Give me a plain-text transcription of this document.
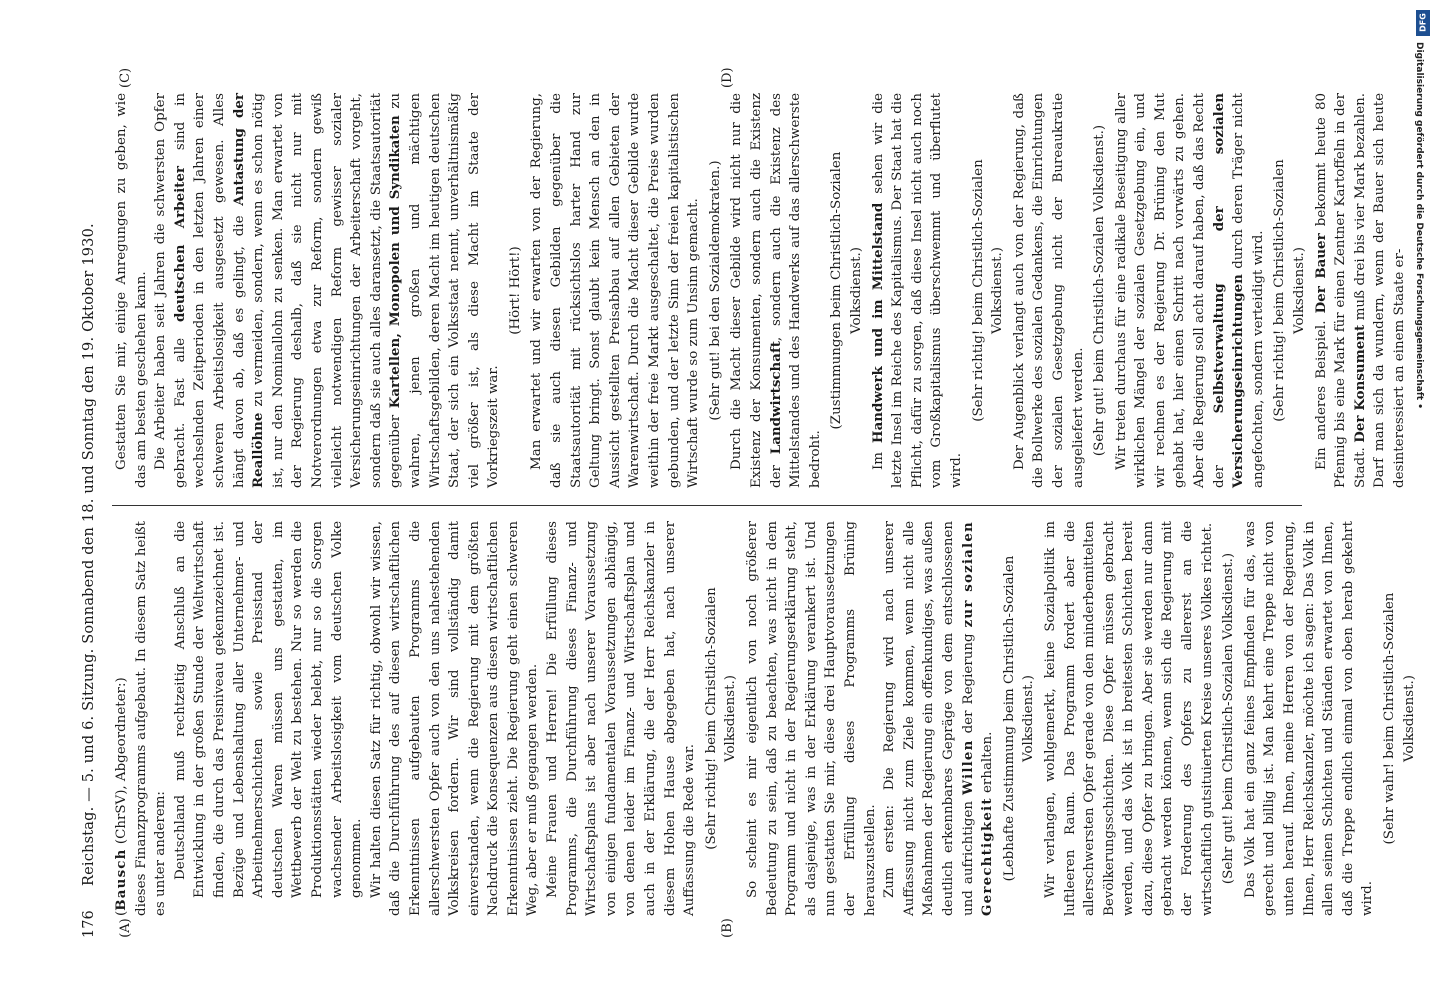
176
Reichstag. — 5. und 6. Sitzung. Sonnabend den 18. und Sonntag den 19. Oktober 1930.
(A)	(B)
(C)	(D)

(Bausch (ChrSV), Abgeordneter:) dieses Finanzprogramms aufgebaut. In diesem Satz heißt es unter anderem: Deutschland muß rechtzeitig Anschluß an die Entwicklung in der großen Stunde der Weltwirtschaft finden, die durch das Preisniveau gekennzeichnet ist. Bezüge und Lebenshaltung aller Unternehmer- und Arbeitnehmerschichten sowie Preisstand der deutschen Waren müssen uns gestatten, im Wettbewerb der Welt zu bestehen. Nur so werden die Produktionsstätten wieder belebt, nur so die Sorgen wachsender Arbeitslosigkeit vom deutschen Volke genommen. Wir halten diesen Satz für richtig, obwohl wir wissen, daß die Durchführung des auf diesen wirtschaftlichen Erkenntnissen aufgebauten Programms die allerschwersten Opfer auch von den uns nahestehenden Volkskreisen fordern. Wir sind vollständig damit einverstanden, wenn die Regierung mit dem größten Nachdruck die Konsequenzen aus diesen wirtschaftlichen Erkenntnissen zieht. Die Regierung geht einen schweren Weg, aber er muß gegangen werden. Meine Frauen und Herren! Die Erfüllung dieses Programms, die Durchführung dieses Finanz- und Wirtschaftsplans ist aber nach unserer Voraussetzung von einigen fundamentalen Voraussetzungen abhängig, von denen leider im Finanz- und Wirtschaftsplan und auch in der Erklärung, die der Herr Reichskanzler in diesem Hohen Hause abgegeben hat, nach unserer Auffassung die Rede war. (Sehr richtig! beim Christlich-Sozialen Volksdienst.) So scheint es mir eigentlich von noch größerer Bedeutung zu sein, daß zu beachten, was nicht in dem Programm und nicht in der Regierungserklärung steht, als dasjenige, was in der Erklärung verankert ist. Und nun gestatten Sie mir, diese drei Hauptvoraussetzungen der Erfüllung dieses Programms Brüning herauszustellen. Zum ersten: Die Regierung wird nach unserer Auffassung nicht zum Ziele kommen, wenn nicht alle Maßnahmen der Regierung ein offenkundiges, was außen deutlich erkennbares Gepräge von dem entschlossenen und aufrichtigen Willen der Regierung zur sozialen Gerechtigkeit erhalten. (Lebhafte Zustimmung beim Christlich-Sozialen Volksdienst.) Wir verlangen, wohlgemerkt, keine Sozialpolitik im luftleeren Raum. Das Programm fordert aber die allerschwersten Opfer gerade von den minderbemittelten Bevölkerungsschichten. Diese Opfer müssen gebracht werden, und das Volk ist in breitesten Schichten bereit dazu, diese Opfer zu bringen. Aber sie werden nur dann gebracht werden können, wenn sich die Regierung mit der Forderung des Opfers zu allererst an die wirtschaftlich gutsituierten Kreise unseres Volkes richtet. (Sehr gut! beim Christlich-Sozialen Volksdienst.) Das Volk hat ein ganz feines Empfinden für das, was gerecht und billig ist. Man kehrt eine Treppe nicht von unten herauf. Ihnen, meine Herren von der Regierung, Ihnen, Herr Reichskanzler, möchte ich sagen: Das Volk in allen seinen Schichten und Ständen erwartet von Ihnen, daß die Treppe endlich einmal von oben herab gekehrt wird.

(Sehr wahr! beim Christlich-Sozialen Volksdienst.)

Gestatten Sie mir, einige Anregungen zu geben, wie das am besten geschehen kann. Die Arbeiter haben seit Jahren die schwersten Opfer gebracht. Fast alle deutschen Arbeiter sind in wechselnden Zeitperioden in den letzten Jahren einer schweren Arbeitslosigkeit ausgesetzt gewesen. Alles hängt davon ab, daß es gelingt, die Antastung der Reallöhne zu vermeiden, sondern, wenn es schon nötig ist, nur den Nominallohn zu senken. Man erwartet von der Regierung deshalb, daß sie nicht nur mit Notverordnungen etwa zur Reform, sondern gewiß vielleicht notwendigen Reform gewisser sozialer Versicherungseinrichtungen der Arbeiterschaft vorgeht, sondern daß sie auch alles daransetzt, die Staatsautorität gegenüber Kartellen, Monopolen und Syndikaten zu wahren, jenen großen und mächtigen Wirtschaftsgebilden, deren Macht im heutigen deutschen Staat, der sich ein Volksstaat nennt, unverhältnismäßig viel größer ist, als diese Macht im Staate der Vorkriegszeit war.

(Hört! Hört!) Man erwartet und wir erwarten von der Regierung, daß sie auch diesen Gebilden gegenüber die Staatsautorität mit rücksichtslos harter Hand zur Geltung bringt. Sonst glaubt kein Mensch an den in Aussicht gestellten Preisabbau auf allen Gebieten der Warenwirtschaft. Durch die Macht dieser Gebilde wurde weithin der freie Markt ausgeschaltet, die Preise wurden gebunden, und der letzte Sinn der freien kapitalistischen Wirtschaft wurde so zum Unsinn gemacht. (Sehr gut! bei den Sozialdemokraten.) Durch die Macht dieser Gebilde wird nicht nur die Existenz der Konsumenten, sondern auch die Existenz der Landwirtschaft, sondern auch die Existenz des Mittelstandes und des Handwerks auf das allerschwerste bedroht.

(Zustimmungen beim Christlich-Sozialen Volksdienst.)

Im Handwerk und im Mittelstand sehen wir die letzte Insel im Reiche des Kapitalismus. Der Staat hat die Pflicht, dafür zu sorgen, daß diese Insel nicht auch noch vom Großkapitalismus überschwemmt und überflutet wird.

(Sehr richtig! beim Christlich-Sozialen Volksdienst.) Der Augenblick verlangt auch von der Regierung, daß die Bollwerke des sozialen Gedankens, die Einrichtungen der sozialen Gesetzgebung nicht der Bureaukratie ausgeliefert werden. (Sehr gut! beim Christlich-Sozialen Volksdienst.) Wir treten durchaus für eine radikale Beseitigung aller wirklichen Mängel der sozialen Gesetzgebung ein, und wir rechnen es der Regierung Dr. Brüning den Mut gehabt hat, hier einen Schritt nach vorwärts zu gehen. Aber die Regierung soll acht darauf haben, daß das Recht der Selbstverwaltung der sozialen Versicherungseinrichtungen durch deren Träger nicht angefochten, sondern verteidigt wird. (Sehr richtig! beim Christlich-Sozialen Volksdienst.)

Ein anderes Beispiel. Der Bauer bekommt heute 80 Pfennig bis eine Mark für einen Zentner Kartoffeln in der Stadt. Der Konsument muß drei bis vier Mark bezahlen. Darf man sich da wundern, wenn der Bauer sich heute desinteressiert an einem Staate er-

DFG
Digitalisierung gefördert durch die Deutsche Forschungsgemeinschaft •
